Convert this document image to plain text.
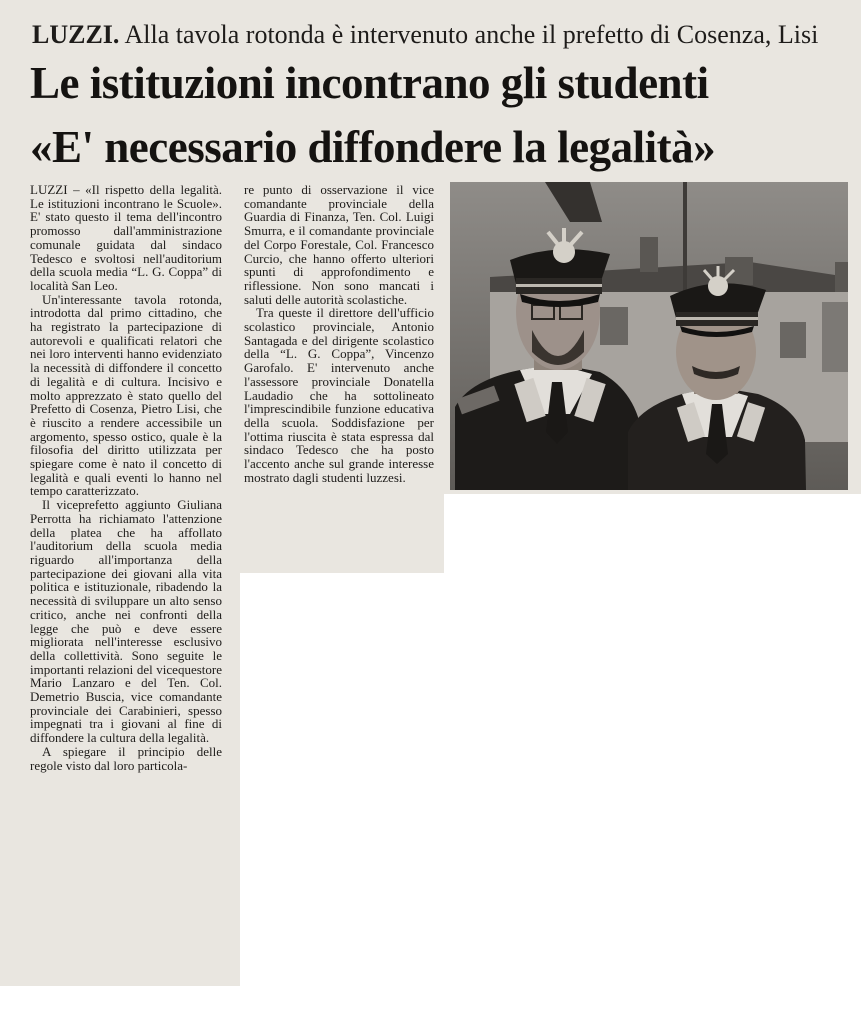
LUZZI. Alla tavola rotonda è intervenuto anche il prefetto di Cosenza, Lisi
Le istituzioni incontrano gli studenti
«E' necessario diffondere la legalità»

LUZZI – «Il rispetto della legalità. Le istituzioni incontrano le Scuole». E' stato questo il tema dell'incontro promosso dall'amministrazione comunale guidata dal sindaco Tedesco e svoltosi nell'auditorium della scuola media “L. G. Coppa” di località San Leo.

Un'interessante tavola rotonda, introdotta dal primo cittadino, che ha registrato la partecipazione di autorevoli e qualificati relatori che nei loro interventi hanno evidenziato la necessità di diffondere il concetto di legalità e di cultura. Incisivo e molto apprezzato è stato quello del Prefetto di Cosenza, Pietro Lisi, che è riuscito a rendere accessibile un argomento, spesso ostico, quale è la filosofia del diritto utilizzata per spiegare come è nato il concetto di legalità e quali eventi lo hanno nel tempo caratterizzato.

Il viceprefetto aggiunto Giuliana Perrotta ha richiamato l'attenzione della platea che ha affollato l'auditorium della scuola media riguardo all'importanza della partecipazione dei giovani alla vita politica e istituzionale, ribadendo la necessità di sviluppare un alto senso critico, anche nei confronti della legge che può e deve essere migliorata nell'interesse esclusivo della collettività. Sono seguite le importanti relazioni del vicequestore Mario Lanzaro e del Ten. Col. Demetrio Buscia, vice comandante provinciale dei Carabinieri, spesso impegnati tra i giovani al fine di diffondere la cultura della legalità.

A spiegare il principio delle regole visto dal loro particola-

re punto di osservazione il vice comandante provinciale della Guardia di Finanza, Ten. Col. Luigi Smurra, e il comandante provinciale del Corpo Forestale, Col. Francesco Curcio, che hanno offerto ulteriori spunti di approfondimento e riflessione. Non sono mancati i saluti delle autorità scolastiche.

Tra queste il direttore dell'ufficio scolastico provinciale, Antonio Santagada e del dirigente scolastico della “L. G. Coppa”, Vincenzo Garofalo. E' intervenuto anche l'assessore provinciale Donatella Laudadio che ha sottolineato l'imprescindibile funzione educativa della scuola. Soddisfazione per l'ottima riuscita è stata espressa dal sindaco Tedesco che ha posto l'accento anche sul grande interesse mostrato dagli studenti luzzesi.
